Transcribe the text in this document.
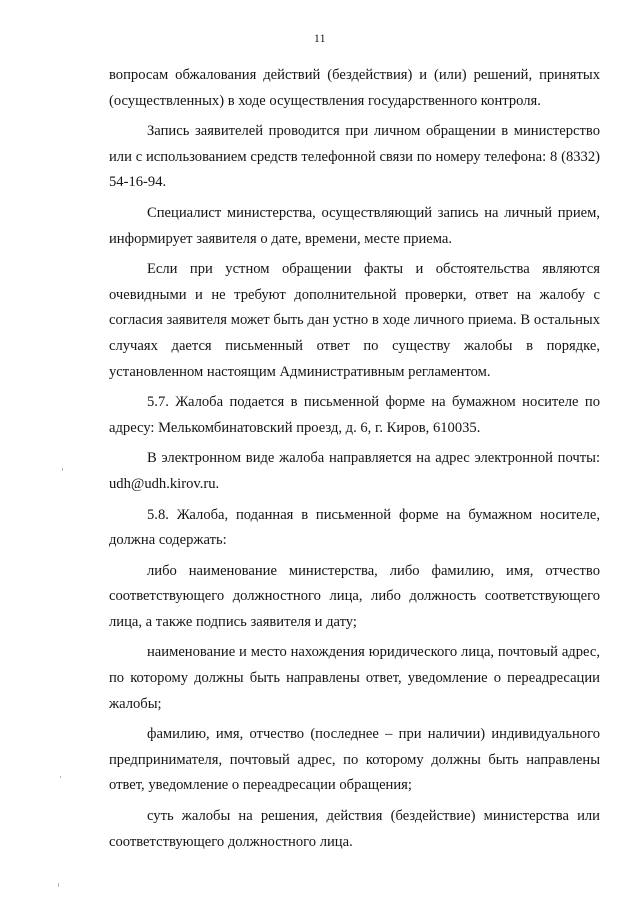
11

вопросам обжалования действий (бездействия) и (или) решений, принятых (осуществленных) в ходе осуществления государственного контроля.

Запись заявителей проводится при личном обращении в министерство или с использованием средств телефонной связи по номеру телефона: 8 (8332) 54-16-94.

Специалист министерства, осуществляющий запись на личный прием, информирует заявителя о дате, времени, месте приема.

Если при устном обращении факты и обстоятельства являются очевидными и не требуют дополнительной проверки, ответ на жалобу с согласия заявителя может быть дан устно в ходе личного приема. В остальных случаях дается письменный ответ по существу жалобы в порядке, установленном настоящим Административным регламентом.

5.7. Жалоба подается в письменной форме на бумажном носителе по адресу: Мелькомбинатовский проезд, д. 6, г. Киров, 610035.

В электронном виде жалоба направляется на адрес электронной почты: udh@udh.kirov.ru.

5.8. Жалоба, поданная в письменной форме на бумажном носителе, должна содержать:

либо наименование министерства, либо фамилию, имя, отчество соответствующего должностного лица, либо должность соответствующего лица, а также подпись заявителя и дату;

наименование и место нахождения юридического лица, почтовый адрес, по которому должны быть направлены ответ, уведомление о переадресации жалобы;

фамилию, имя, отчество (последнее – при наличии) индивидуального предпринимателя, почтовый адрес, по которому должны быть направлены ответ, уведомление о переадресации обращения;

суть жалобы на решения, действия (бездействие) министерства или соответствующего должностного лица.
